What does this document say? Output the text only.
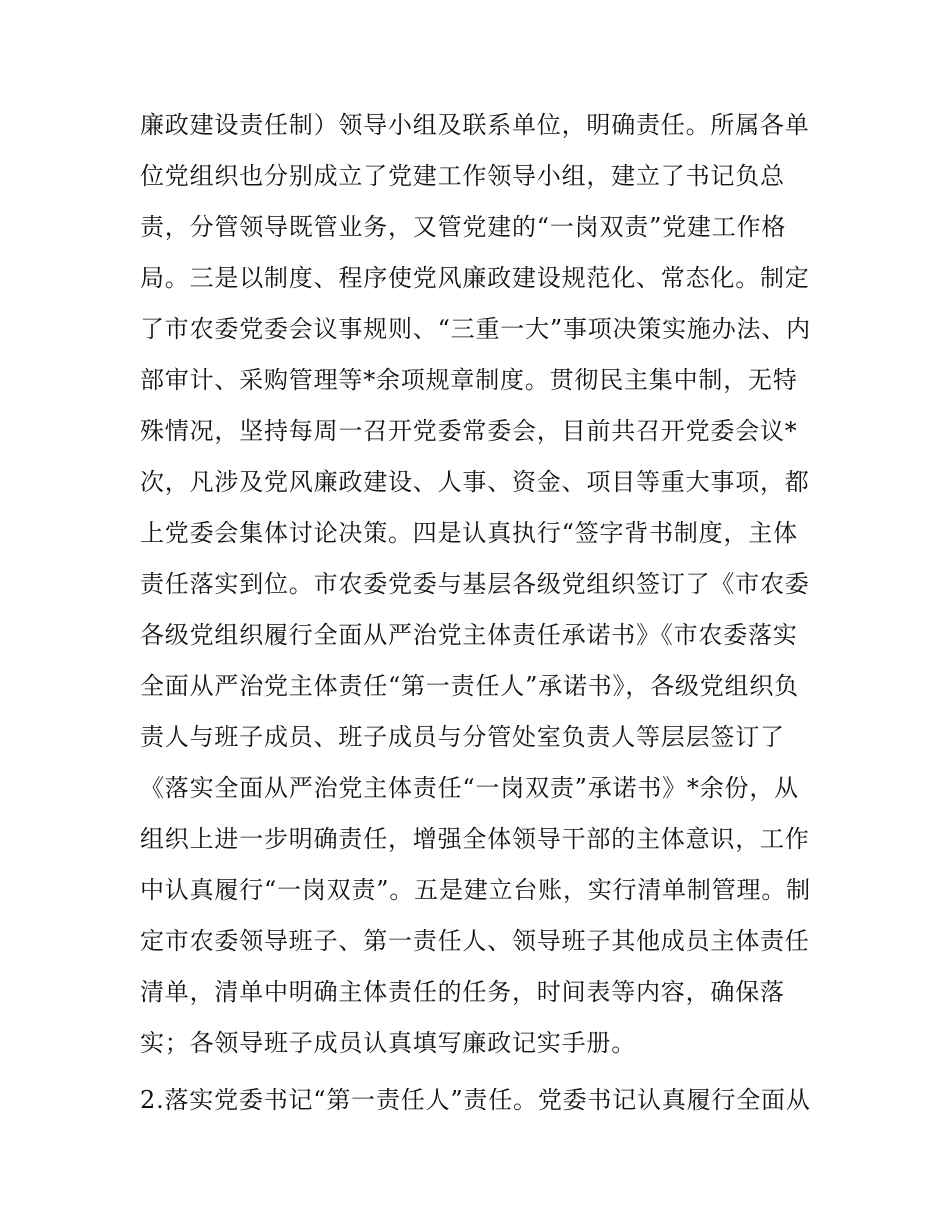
廉政建设责任制）领导小组及联系单位，明确责任。所属各单
位党组织也分别成立了党建工作领导小组，建立了书记负总
责，分管领导既管业务，又管党建的“一岗双责”党建工作格
局。三是以制度、程序使党风廉政建设规范化、常态化。制定
了市农委党委会议事规则、“三重一大”事项决策实施办法、内
部审计、采购管理等*余项规章制度。贯彻民主集中制，无特
殊情况，坚持每周一召开党委常委会，目前共召开党委会议*
次，凡涉及党风廉政建设、人事、资金、项目等重大事项，都
上党委会集体讨论决策。四是认真执行“签字背书制度，主体
责任落实到位。市农委党委与基层各级党组织签订了《市农委
各级党组织履行全面从严治党主体责任承诺书》《市农委落实
全面从严治党主体责任“第一责任人”承诺书》，各级党组织负
责人与班子成员、班子成员与分管处室负责人等层层签订了
《落实全面从严治党主体责任“一岗双责”承诺书》*余份，从
组织上进一步明确责任，增强全体领导干部的主体意识，工作
中认真履行“一岗双责”。五是建立台账，实行清单制管理。制
定市农委领导班子、第一责任人、领导班子其他成员主体责任
清单，清单中明确主体责任的任务，时间表等内容，确保落
实；各领导班子成员认真填写廉政记实手册。
2.落实党委书记“第一责任人”责任。党委书记认真履行全面从
